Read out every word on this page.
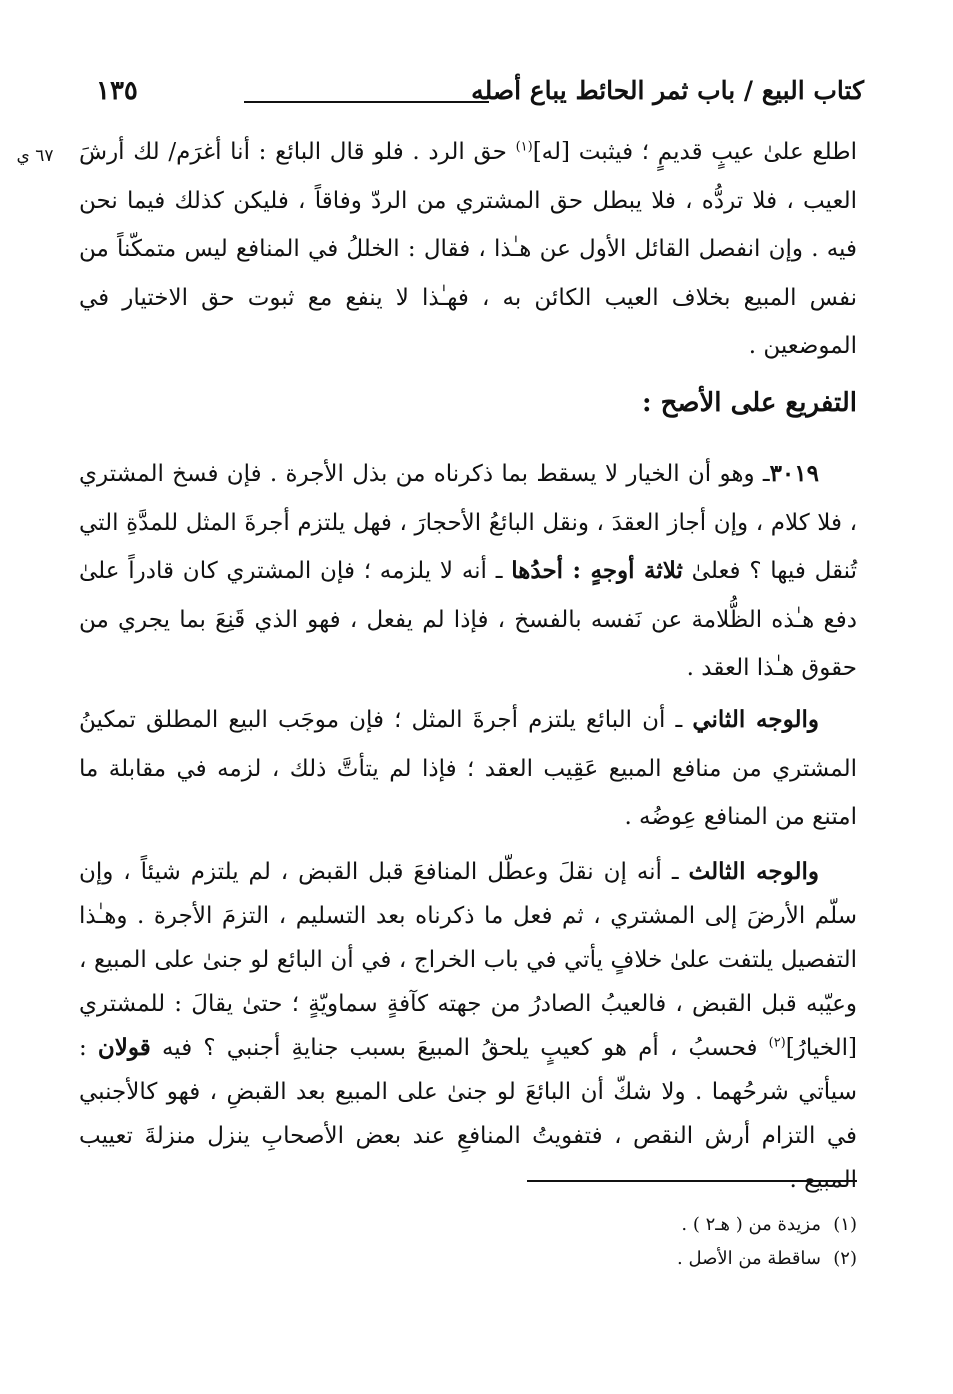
كتاب البيع / باب ثمر الحائط يباع أصله
١٣٥
٦٧ ي	اطلع علىٰ عيبٍ قديمٍ ؛ فيثبت [له]$^{(١)}$ حق الرد . فلو قال البائع : أنا أغرَم/ لك أرشَ العيب ، فلا تردُّه ، فلا يبطل حق المشتري من الردّ وفاقاً ، فليكن كذلك فيما نحن فيه . وإن انفصل القائل الأول عن هـٰذا ، فقال : الخللُ في المنافع ليس متمكّناً من نفس المبيع بخلاف العيب الكائن به ، فهـٰذا لا ينفع مع ثبوت حق الاختيار في الموضعين .
التفريع على الأصح :
٣٠١٩ـ وهو أن الخيار لا يسقط بما ذكرناه من بذل الأجرة . فإن فسخ المشتري ، فلا كلام ، وإن أجاز العقدَ ، ونقل البائعُ الأحجارَ ، فهل يلتزم أجرةَ المثل للمدَّةِ التي تُنقل فيها ؟ فعلىٰ ثلاثة أوجهٍ : أحدُها ـ أنه لا يلزمه ؛ فإن المشتري كان قادراً علىٰ دفع هـٰذه الظُّلامة عن نَفسه بالفسخ ، فإذا لم يفعل ، فهو الذي قَنِعَ بما يجري من حقوق هـٰذا العقد .
والوجه الثاني ـ أن البائع يلتزم أجرةَ المثل ؛ فإن موجَب البيع المطلق تمكينُ المشتري من منافع المبيع عَقِيب العقد ؛ فإذا لم يتأتَّ ذلك ، لزمه في مقابلة ما امتنع من المنافع عِوضُه .
والوجه الثالث ـ أنه إن نقلَ وعطّل المنافعَ قبل القبض ، لم يلتزم شيئاً ، وإن سلّم الأرضَ إلى المشتري ، ثم فعل ما ذكرناه بعد التسليم ، التزمَ الأجرة . وهـٰذا التفصيل يلتفت علىٰ خلافٍ يأتي في باب الخراج ، في أن البائع لو جنىٰ على المبيع ، وعيّبه قبل القبض ، فالعيبُ الصادرُ من جهته كآفةٍ سماويّةٍ ؛ حتىٰ يقالَ : للمشتري [الخيارُ]$^{(٢)}$ فحسبُ ، أم هو كعيبٍ يلحقُ المبيعَ بسبب جنايةِ أجنبي ؟ فيه قولان : سيأتي شرحُهما . ولا شكّ أن البائعَ لو جنىٰ على المبيع بعد القبضِ ، فهو كالأجنبي في التزام أرش النقص ، فتفويتُ المنافعِ عند بعض الأصحابِ ينزل منزلةَ تعييب المبيع .
(١)مزيدة من ( هـ٢ ) .
(٢)ساقطة من الأصل .
